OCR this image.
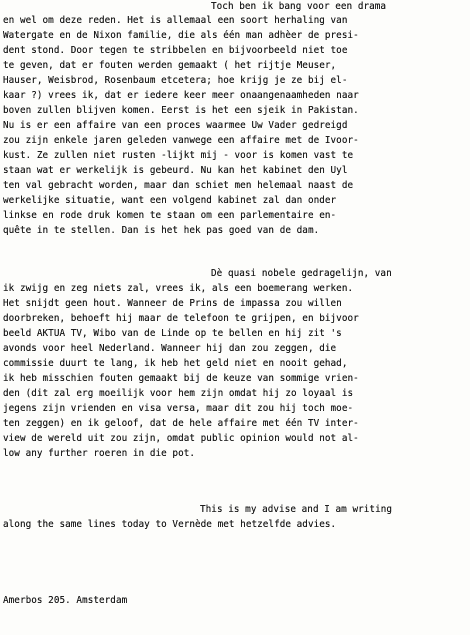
Toch ben ik bang voor een drama
en wel om deze reden. Het is allemaal een soort herhaling van
Watergate en de Nixon familie, die als één man adhèer de presi-
dent stond. Door tegen te stribbelen en bijvoorbeeld niet toe
te geven, dat er fouten werden gemaakt ( het rijtje Meuser,
Hauser, Weisbrod, Rosenbaum etcetera; hoe krijg je ze bij el-
kaar ?) vrees ik, dat er iedere keer meer onaangenaamheden naar
boven zullen blijven komen. Eerst is het een sjeik in Pakistan.
Nu is er een affaire van een proces waarmee Uw Vader gedreigd
zou zijn enkele jaren geleden vanwege een affaire met de Ivoor-
kust. Ze zullen niet rusten -lijkt mij - voor is komen vast te
staan wat er werkelijk is gebeurd. Nu kan het kabinet den Uyl
ten val gebracht worden, maar dan schiet men helemaal naast de
werkelijke situatie, want een volgend kabinet zal dan onder
linkse en rode druk komen te staan om een parlementaire en-
quête in te stellen. Dan is het hek pas goed van de dam.
Dè quasi nobele gedragelijn, van
ik zwijg en zeg niets zal, vrees ik, als een boemerang werken.
Het snijdt geen hout. Wanneer de Prins de impassa zou willen
doorbreken, behoeft hij maar de telefoon te grijpen, en bijvoor
beeld AKTUA TV, Wibo van de Linde op te bellen en hij zit 's
avonds voor heel Nederland. Wanneer hij dan zou zeggen, die
commissie duurt te lang, ik heb het geld niet en nooit gehad,
ik heb misschien fouten gemaakt bij de keuze van sommige vrien-
den (dit zal erg moeilijk voor hem zijn omdat hij zo loyaal is
jegens zijn vrienden en visa versa, maar dit zou hij toch moe-
ten zeggen) en ik geloof, dat de hele affaire met één TV inter-
view de wereld uit zou zijn, omdat public opinion would not al-
low any further roeren in die pot.
This is my advise and I am writing
along the same lines today to Vernède met hetzelfde advies.
Amerbos 205. Amsterdam
